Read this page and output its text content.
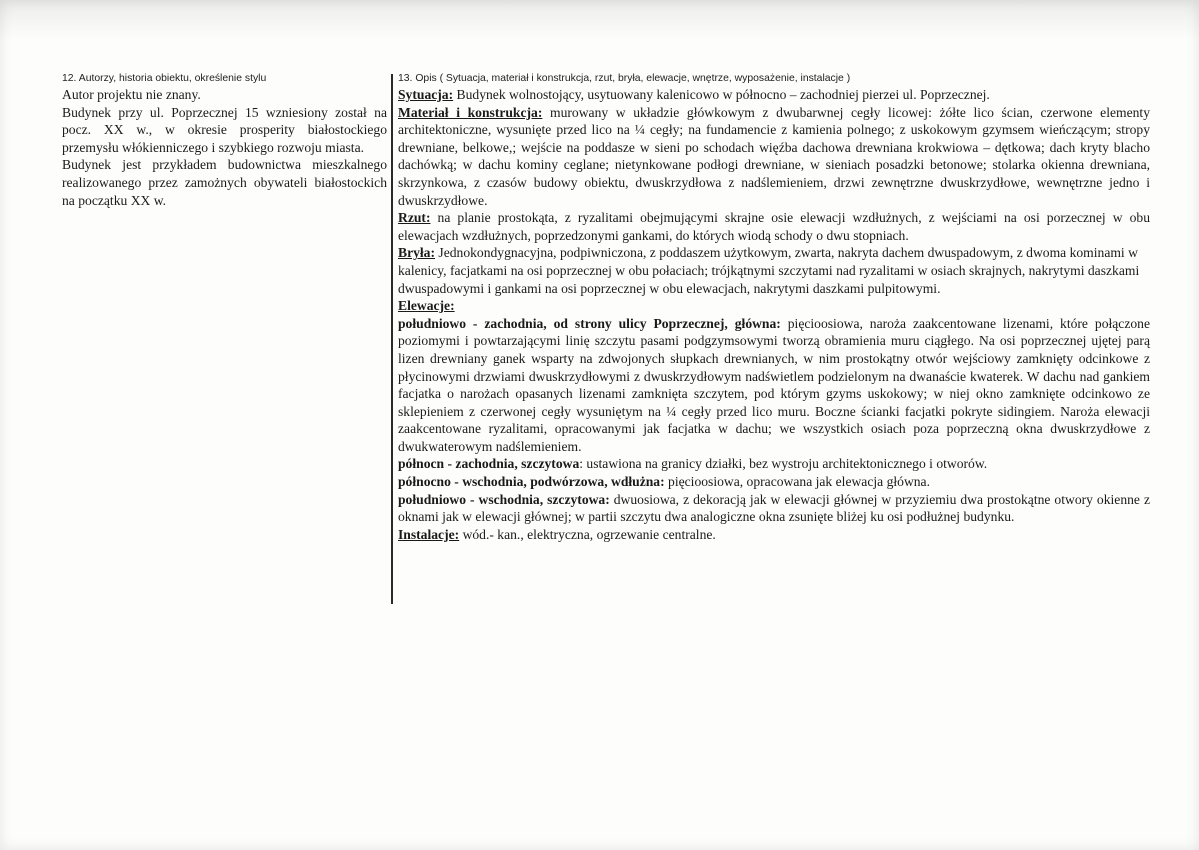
12. Autorzy, historia obiektu, określenie stylu

Autor projektu nie znany.

Budynek przy ul. Poprzecznej 15 wzniesiony został na pocz. XX w., w okresie prosperity białostockiego przemysłu włókienniczego i szybkiego rozwoju miasta.

Budynek jest przykładem budownictwa mieszkalnego realizowanego przez zamożnych obywateli białostockich na początku XX w.

13. Opis ( Sytuacja, materiał i konstrukcja, rzut, bryła, elewacje, wnętrze, wyposażenie, instalacje )

Sytuacja: Budynek wolnostojący, usytuowany kalenicowo w północno – zachodniej pierzei ul. Poprzecznej.

Materiał i konstrukcja: murowany w układzie główkowym z dwubarwnej cegły licowej: żółte lico ścian, czerwone elementy architektoniczne, wysunięte przed lico na ¼ cegły; na fundamencie z kamienia polnego; z uskokowym gzymsem wieńczącym; stropy drewniane, belkowe,; wejście na poddasze w sieni po schodach więźba dachowa drewniana krokwiowa – dętkowa; dach kryty blacho dachówką; w dachu kominy ceglane; nietynkowane podłogi drewniane, w sieniach posadzki betonowe; stolarka okienna drewniana, skrzynkowa, z czasów budowy obiektu, dwuskrzydłowa z nadślemieniem, drzwi zewnętrzne dwuskrzydłowe, wewnętrzne jedno i dwuskrzydłowe.

Rzut: na planie prostokąta, z ryzalitami obejmującymi skrajne osie elewacji wzdłużnych, z wejściami na osi porzecznej w obu elewacjach wzdłużnych, poprzedzonymi gankami, do których wiodą schody o dwu stopniach.

Bryła: Jednokondygnacyjna, podpiwniczona, z poddaszem użytkowym, zwarta, nakryta dachem dwuspadowym, z dwoma kominami w kalenicy, facjatkami na osi poprzecznej w obu połaciach; trójkątnymi szczytami nad ryzalitami w osiach skrajnych, nakrytymi daszkami dwuspadowymi i gankami na osi poprzecznej w obu elewacjach, nakrytymi daszkami pulpitowymi.

Elewacje:

południowo - zachodnia, od strony ulicy Poprzecznej, główna: pięcioosiowa, naroża zaakcentowane lizenami, które połączone poziomymi i powtarzającymi linię szczytu pasami podgzymsowymi tworzą obramienia muru ciągłego. Na osi poprzecznej ujętej parą lizen drewniany ganek wsparty na zdwojonych słupkach drewnianych, w nim prostokątny otwór wejściowy zamknięty odcinkowe z płycinowymi drzwiami dwuskrzydłowymi z dwuskrzydłowym nadświetlem podzielonym na dwanaście kwaterek. W dachu nad gankiem facjatka o narożach opasanych lizenami zamknięta szczytem, pod którym gzyms uskokowy; w niej okno zamknięte odcinkowo ze sklepieniem z czerwonej cegły wysuniętym na ¼ cegły przed lico muru. Boczne ścianki facjatki pokryte sidingiem. Naroża elewacji zaakcentowane ryzalitami, opracowanymi jak facjatka w dachu; we wszystkich osiach poza poprzeczną okna dwuskrzydłowe z dwukwaterowym nadślemieniem.

północn - zachodnia, szczytowa: ustawiona na granicy działki, bez wystroju architektonicznego i otworów.

północno - wschodnia, podwórzowa, wdłużna: pięcioosiowa, opracowana jak elewacja główna.

południowo - wschodnia, szczytowa: dwuosiowa, z dekoracją jak w elewacji głównej w przyziemiu dwa prostokątne otwory okienne z oknami jak w elewacji głównej; w partii szczytu dwa analogiczne okna zsunięte bliżej ku osi podłużnej budynku.

Instalacje: wód.- kan., elektryczna, ogrzewanie centralne.
